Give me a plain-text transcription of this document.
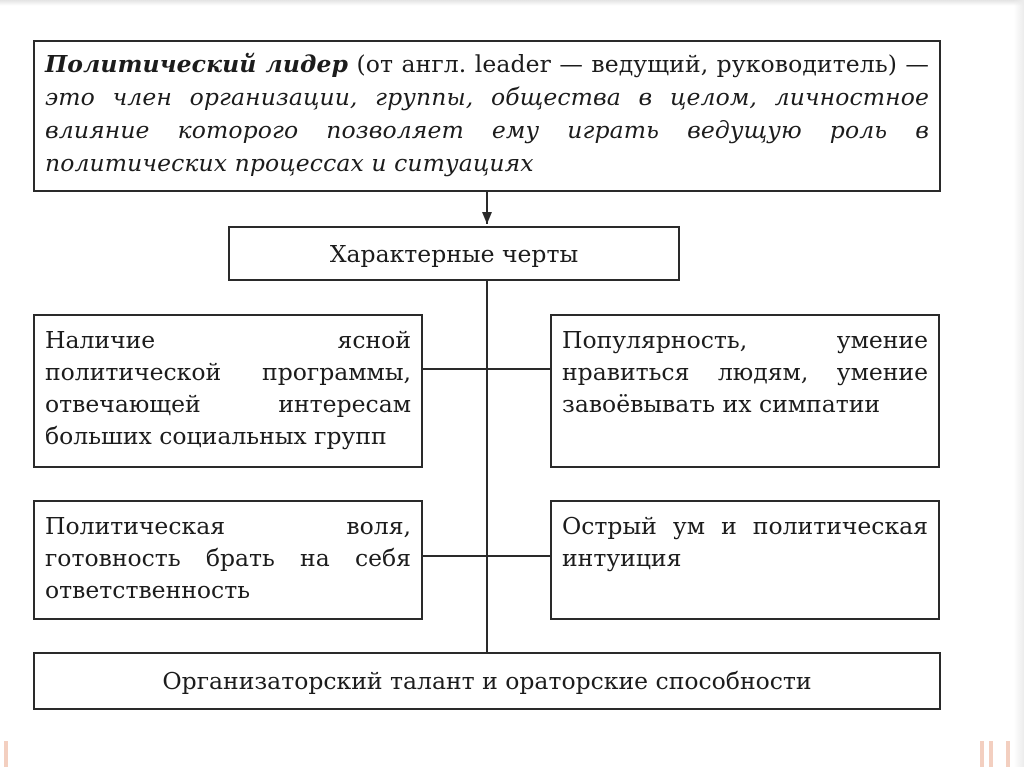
Политический лидер (от англ. leader — ведущий, руководитель) — это член организации, группы, общества в целом, личностное влияние которого позволяет ему играть ведущую роль в политических процессах и ситуациях
Характерные черты
Наличие ясной политической программы, отвечающей интересам больших социальных групп
Популярность, умение нравиться людям, умение завоёвывать их симпатии
Политическая воля, готовность брать на себя ответственность
Острый ум и политическая интуиция
Организаторский талант и ораторские способности
